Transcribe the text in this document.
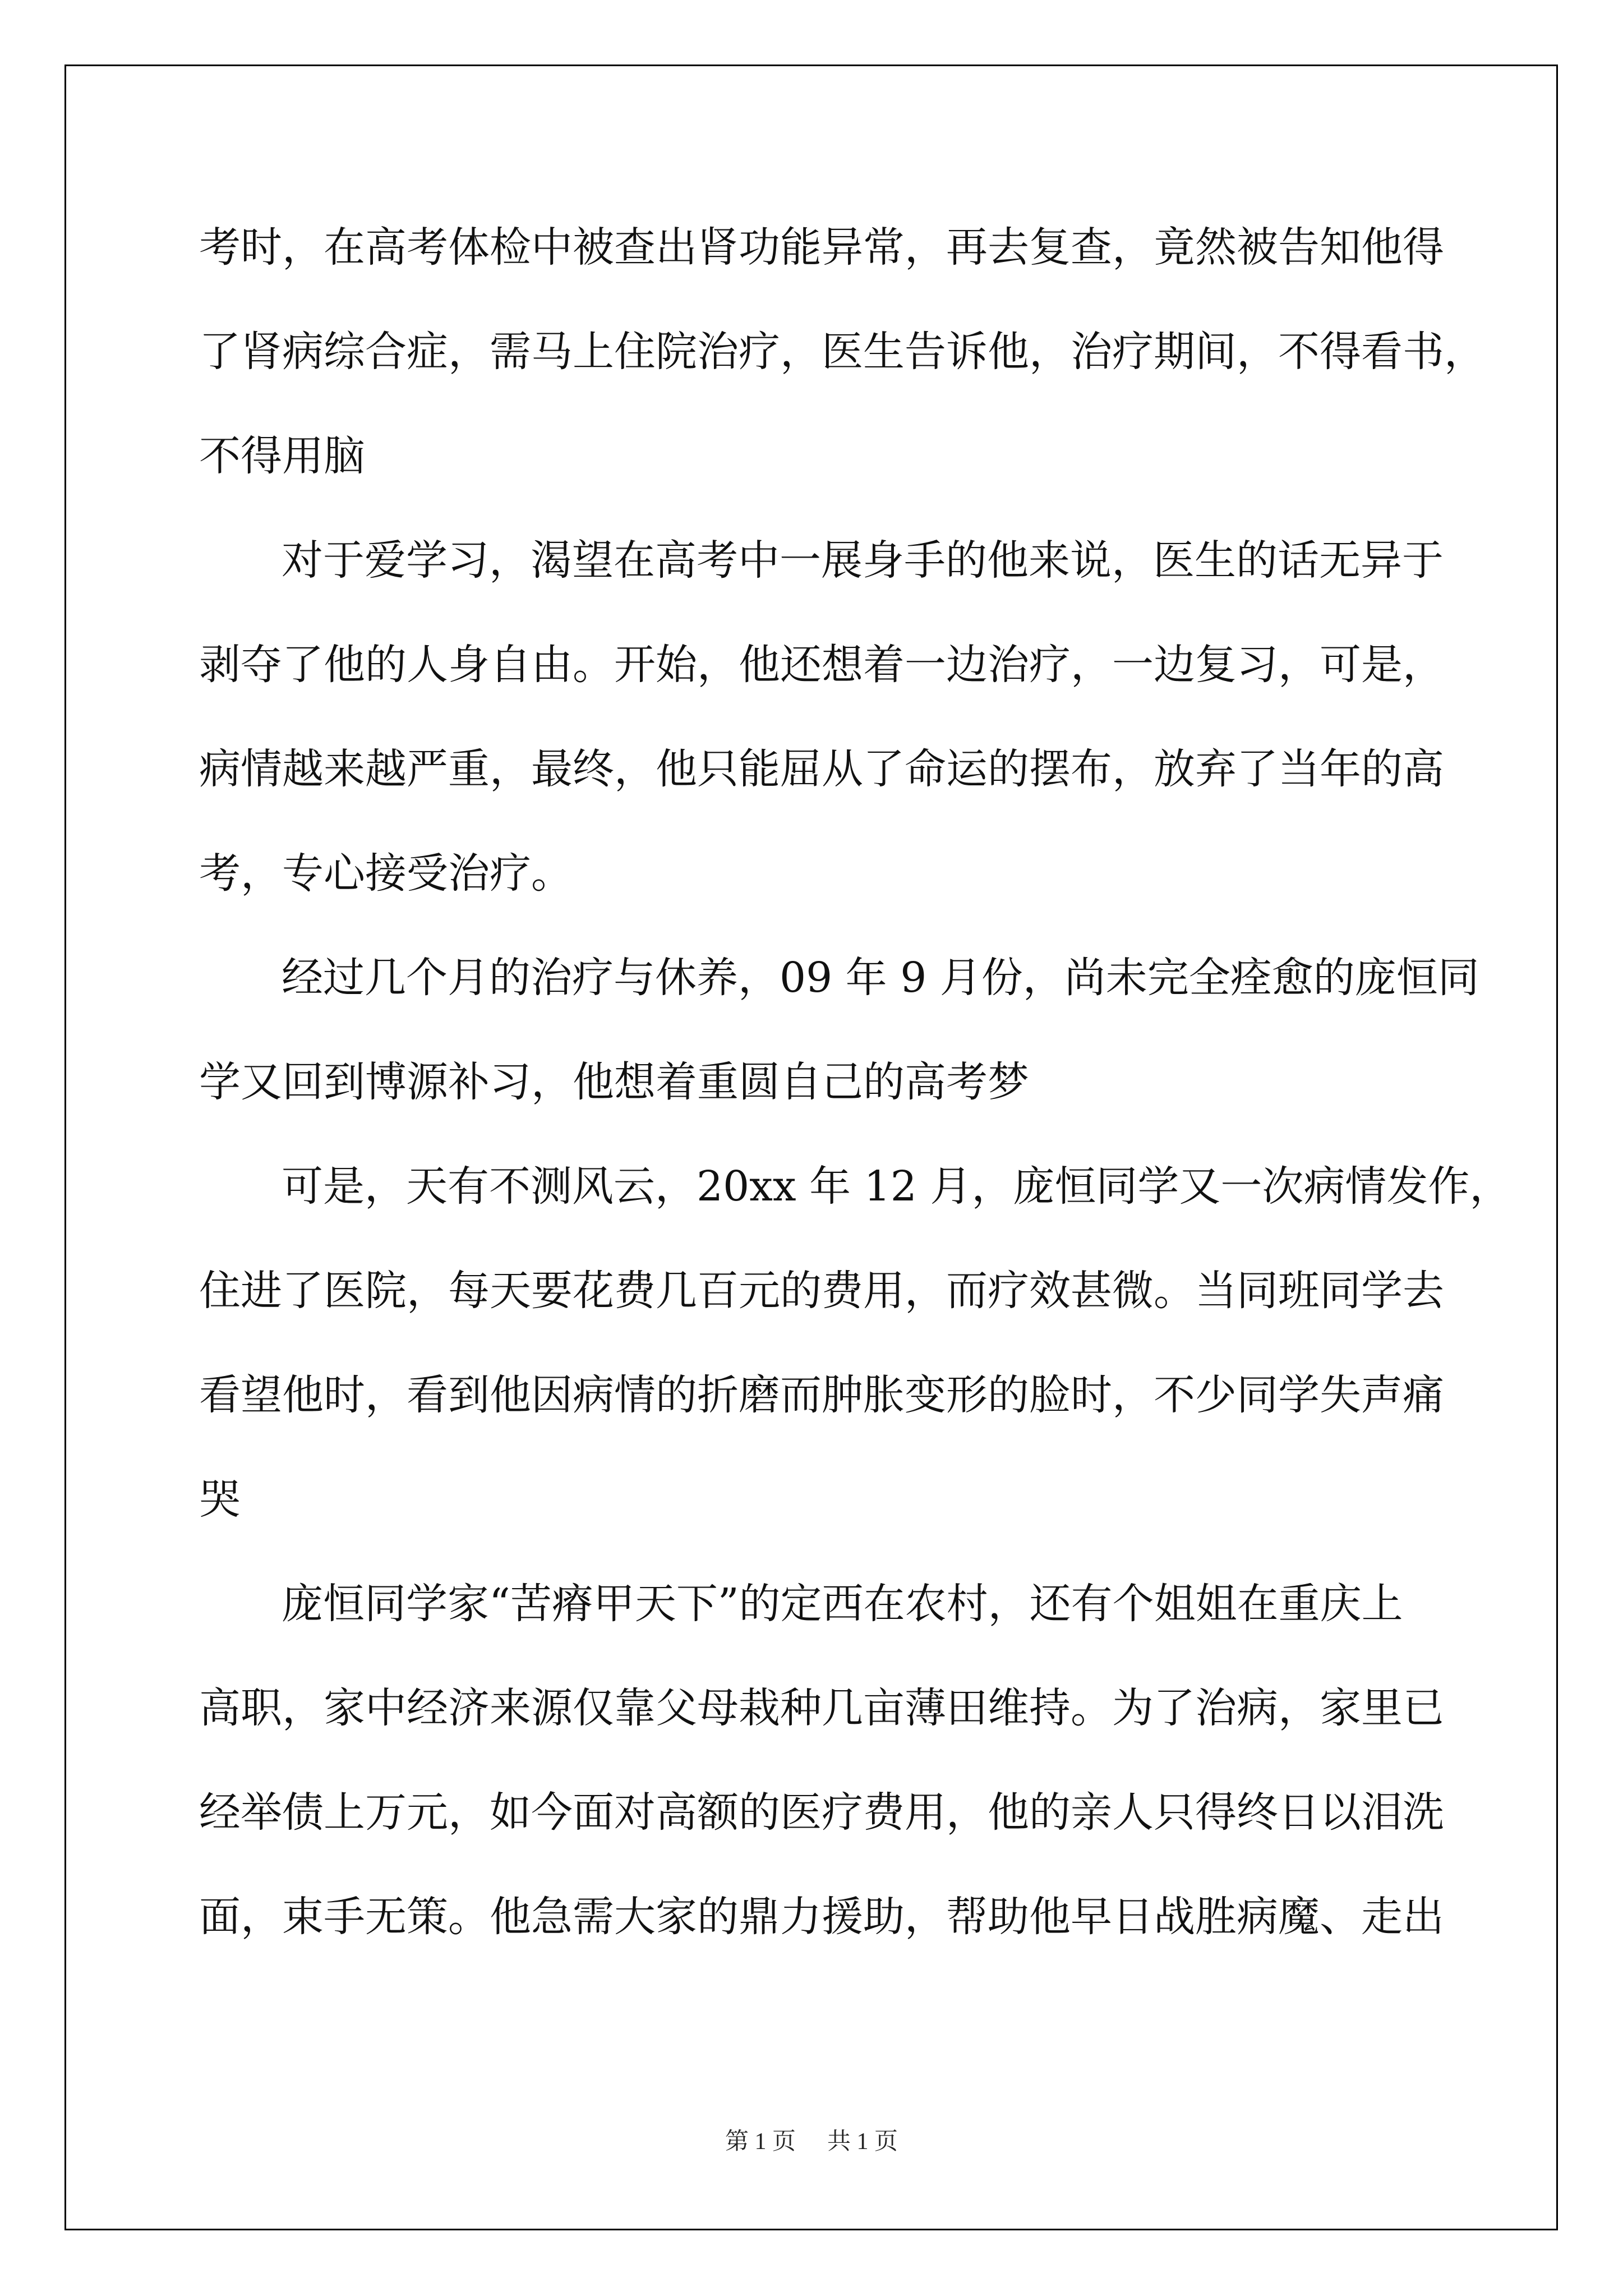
考时，在高考体检中被查出肾功能异常，再去复查，竟然被告知他得

了肾病综合症，需马上住院治疗，医生告诉他，治疗期间，不得看书，

不得用脑

对于爱学习，渴望在高考中一展身手的他来说，医生的话无异于

剥夺了他的人身自由。开始，他还想着一边治疗，一边复习，可是，

病情越来越严重，最终，他只能屈从了命运的摆布，放弃了当年的高

考，专心接受治疗。

经过几个月的治疗与休养，09 年 9 月份，尚未完全痊愈的庞恒同

学又回到博源补习，他想着重圆自己的高考梦

可是，天有不测风云，20xx 年 12 月，庞恒同学又一次病情发作，

住进了医院，每天要花费几百元的费用，而疗效甚微。当同班同学去

看望他时，看到他因病情的折磨而肿胀变形的脸时，不少同学失声痛

哭

庞恒同学家“苦瘠甲天下”的定西在农村，还有个姐姐在重庆上

高职，家中经济来源仅靠父母栽种几亩薄田维持。为了治病，家里已

经举债上万元，如今面对高额的医疗费用，他的亲人只得终日以泪洗

面，束手无策。他急需大家的鼎力援助，帮助他早日战胜病魔、走出

第 1 页 共 1 页
